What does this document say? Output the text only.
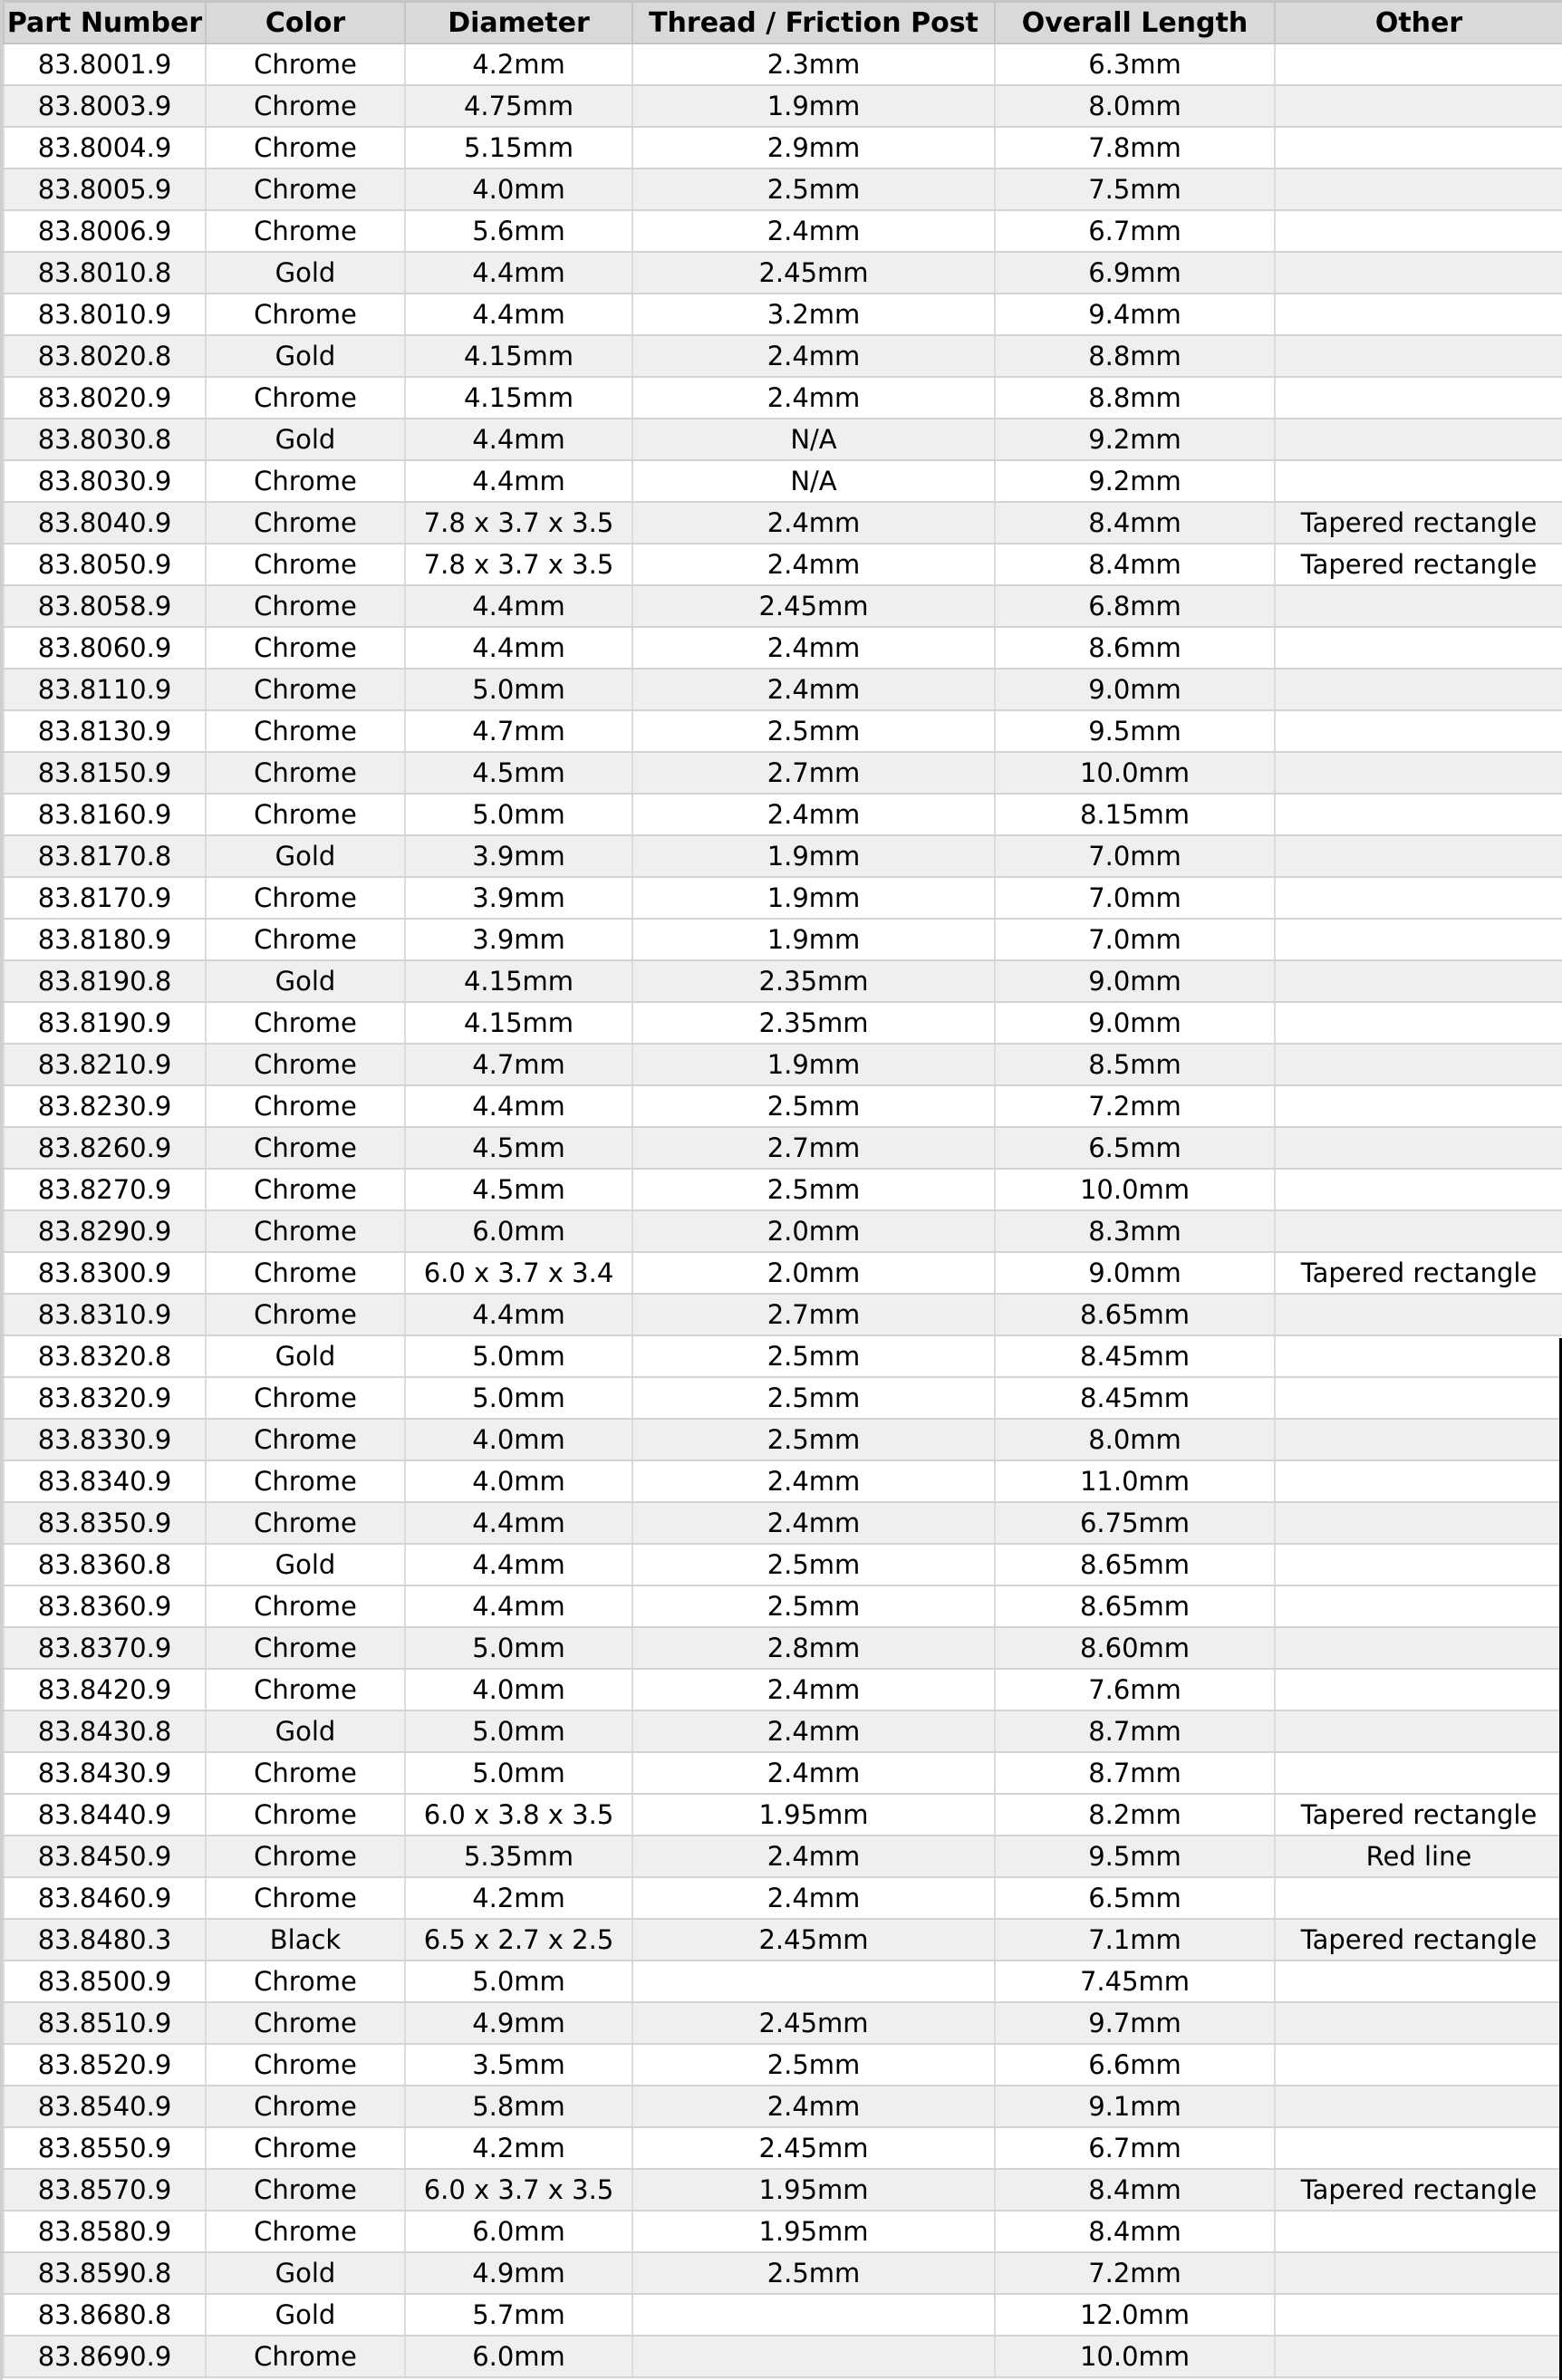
Part Number	Color	Diameter	Thread / Friction Post	Overall Length	Other
83.8001.9	Chrome	4.2mm	2.3mm	6.3mm	
83.8003.9	Chrome	4.75mm	1.9mm	8.0mm	
83.8004.9	Chrome	5.15mm	2.9mm	7.8mm	
83.8005.9	Chrome	4.0mm	2.5mm	7.5mm	
83.8006.9	Chrome	5.6mm	2.4mm	6.7mm	
83.8010.8	Gold	4.4mm	2.45mm	6.9mm	
83.8010.9	Chrome	4.4mm	3.2mm	9.4mm	
83.8020.8	Gold	4.15mm	2.4mm	8.8mm	
83.8020.9	Chrome	4.15mm	2.4mm	8.8mm	
83.8030.8	Gold	4.4mm	N/A	9.2mm	
83.8030.9	Chrome	4.4mm	N/A	9.2mm	
83.8040.9	Chrome	7.8 x 3.7 x 3.5	2.4mm	8.4mm	Tapered rectangle
83.8050.9	Chrome	7.8 x 3.7 x 3.5	2.4mm	8.4mm	Tapered rectangle
83.8058.9	Chrome	4.4mm	2.45mm	6.8mm	
83.8060.9	Chrome	4.4mm	2.4mm	8.6mm	
83.8110.9	Chrome	5.0mm	2.4mm	9.0mm	
83.8130.9	Chrome	4.7mm	2.5mm	9.5mm	
83.8150.9	Chrome	4.5mm	2.7mm	10.0mm	
83.8160.9	Chrome	5.0mm	2.4mm	8.15mm	
83.8170.8	Gold	3.9mm	1.9mm	7.0mm	
83.8170.9	Chrome	3.9mm	1.9mm	7.0mm	
83.8180.9	Chrome	3.9mm	1.9mm	7.0mm	
83.8190.8	Gold	4.15mm	2.35mm	9.0mm	
83.8190.9	Chrome	4.15mm	2.35mm	9.0mm	
83.8210.9	Chrome	4.7mm	1.9mm	8.5mm	
83.8230.9	Chrome	4.4mm	2.5mm	7.2mm	
83.8260.9	Chrome	4.5mm	2.7mm	6.5mm	
83.8270.9	Chrome	4.5mm	2.5mm	10.0mm	
83.8290.9	Chrome	6.0mm	2.0mm	8.3mm	
83.8300.9	Chrome	6.0 x 3.7 x 3.4	2.0mm	9.0mm	Tapered rectangle
83.8310.9	Chrome	4.4mm	2.7mm	8.65mm	
83.8320.8	Gold	5.0mm	2.5mm	8.45mm	
83.8320.9	Chrome	5.0mm	2.5mm	8.45mm	
83.8330.9	Chrome	4.0mm	2.5mm	8.0mm	
83.8340.9	Chrome	4.0mm	2.4mm	11.0mm	
83.8350.9	Chrome	4.4mm	2.4mm	6.75mm	
83.8360.8	Gold	4.4mm	2.5mm	8.65mm	
83.8360.9	Chrome	4.4mm	2.5mm	8.65mm	
83.8370.9	Chrome	5.0mm	2.8mm	8.60mm	
83.8420.9	Chrome	4.0mm	2.4mm	7.6mm	
83.8430.8	Gold	5.0mm	2.4mm	8.7mm	
83.8430.9	Chrome	5.0mm	2.4mm	8.7mm	
83.8440.9	Chrome	6.0 x 3.8 x 3.5	1.95mm	8.2mm	Tapered rectangle
83.8450.9	Chrome	5.35mm	2.4mm	9.5mm	Red line
83.8460.9	Chrome	4.2mm	2.4mm	6.5mm	
83.8480.3	Black	6.5 x 2.7 x 2.5	2.45mm	7.1mm	Tapered rectangle
83.8500.9	Chrome	5.0mm		7.45mm	
83.8510.9	Chrome	4.9mm	2.45mm	9.7mm	
83.8520.9	Chrome	3.5mm	2.5mm	6.6mm	
83.8540.9	Chrome	5.8mm	2.4mm	9.1mm	
83.8550.9	Chrome	4.2mm	2.45mm	6.7mm	
83.8570.9	Chrome	6.0 x 3.7 x 3.5	1.95mm	8.4mm	Tapered rectangle
83.8580.9	Chrome	6.0mm	1.95mm	8.4mm	
83.8590.8	Gold	4.9mm	2.5mm	7.2mm	
83.8680.8	Gold	5.7mm		12.0mm	
83.8690.9	Chrome	6.0mm		10.0mm	
